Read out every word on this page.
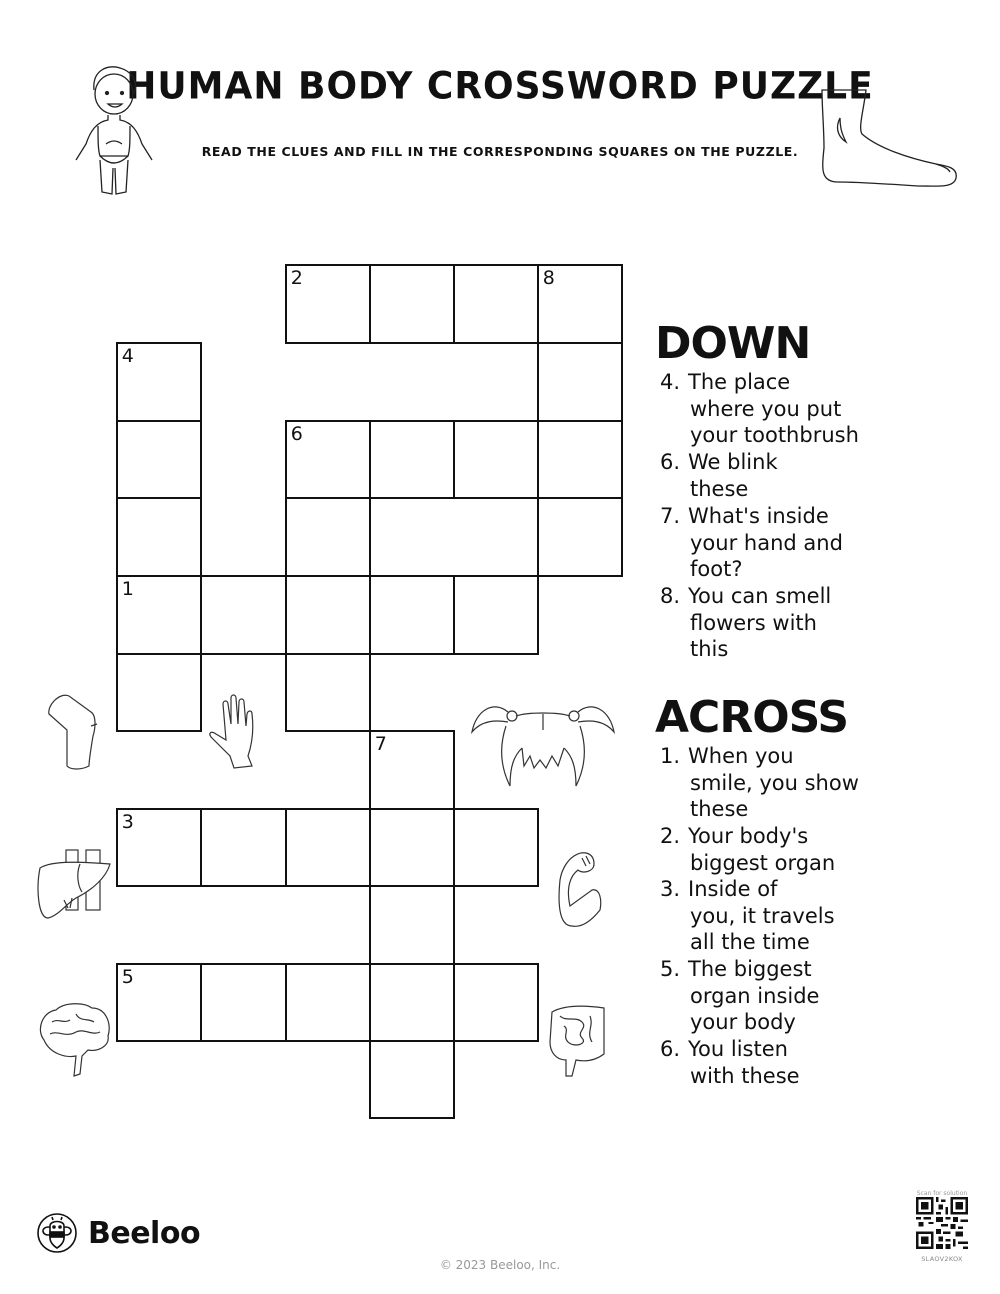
HUMAN BODY CROSSWORD PUZZLE
READ THE CLUES AND FILL IN THE CORRESPONDING SQUARES ON THE PUZZLE.
2	8
4
6
1
7
3
5
DOWN
4. The place
where you put
your toothbrush
6. We blink
these
7. What's inside
your hand and
foot?
8. You can smell
flowers with
this
ACROSS
1. When you
smile, you show
these
2. Your body's
biggest organ
3. Inside of
you, it travels
all the time
5. The biggest
organ inside
your body
6. You listen
with these
Beeloo
© 2023 Beeloo, Inc.
Scan for solution
SLAOV2KOX
